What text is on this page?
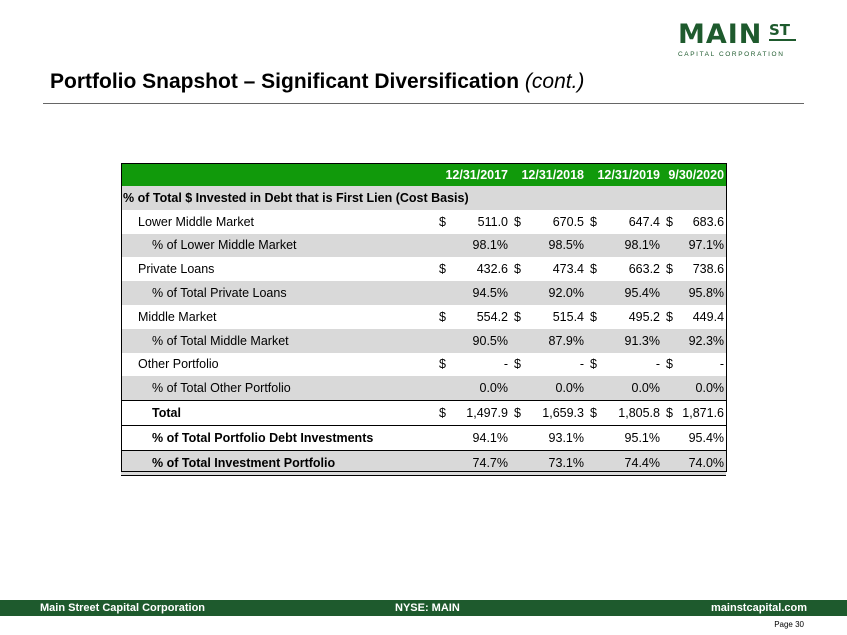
MAIN ST
CAPITAL CORPORATION
Portfolio Snapshot – Significant Diversification (cont.)
	12/31/2017		12/31/2018		12/31/2019		9/30/2020	
% of Total $ Invested in Debt that is First Lien (Cost Basis)								
Lower Middle Market	$	511.0	$	670.5	$	647.4	$	683.6
% of Lower Middle Market		98.1%		98.5%		98.1%		97.1%
Private Loans	$	432.6	$	473.4	$	663.2	$	738.6
% of Total Private Loans		94.5%		92.0%		95.4%		95.8%
Middle Market	$	554.2	$	515.4	$	495.2	$	449.4
% of Total Middle Market		90.5%		87.9%		91.3%		92.3%
Other Portfolio	$	-	$	-	$	-	$	-
% of Total Other Portfolio		0.0%		0.0%		0.0%		0.0%
Total	$	1,497.9	$	1,659.3	$	1,805.8	$	1,871.6
% of Total Portfolio Debt Investments		94.1%		93.1%		95.1%		95.4%
% of Total Investment Portfolio		74.7%		73.1%		74.4%		74.0%
Main Street Capital Corporation	NYSE: MAIN	mainstcapital.com
Page 30
